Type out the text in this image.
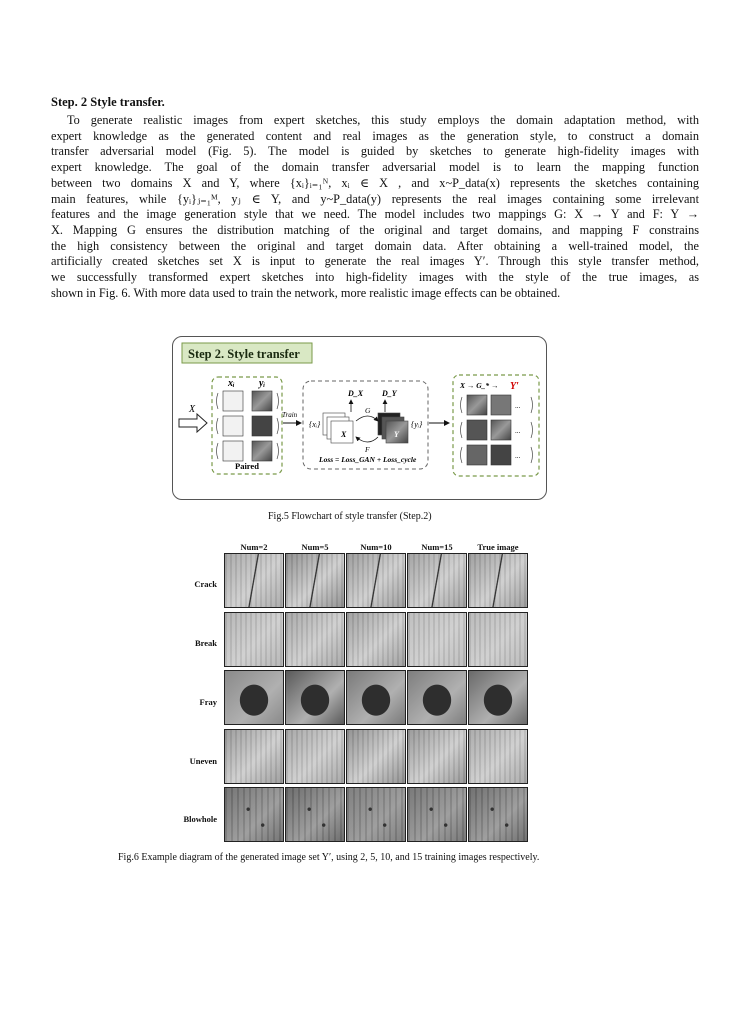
Step. 2 Style transfer.
To generate realistic images from expert sketches, this study employs the domain adaptation method, with
expert knowledge as the generated content and real images as the generation style, to construct a domain
transfer adversarial model (Fig. 5). The model is guided by sketches to generate high-fidelity images with
expert knowledge. The goal of the domain transfer adversarial model is to learn the mapping function
between two domains X and Y, where {xᵢ}ᵢ₌₁ᴺ, xᵢ ∈ X , and x~P_data(x) represents the sketches containing
main features, while {yᵢ}ⱼ₌₁ᴹ, yⱼ ∈ Y, and y~P_data(y) represents the real images containing some irrelevant
features and the image generation style that we need. The model includes two mappings G: X → Y and F: Y →
X. Mapping G ensures the distribution matching of the original and target domains, and mapping F constrains
the high consistency between the original and target domain data. After obtaining a well-trained model, the
artificially created sketches set X is input to generate the real images Y′. Through this style transfer method,
we successfully transformed expert sketches into high-fidelity images with the style of the true images, as
shown in Fig. 6. With more data used to train the network, more realistic image effects can be obtained.
Step 2. Style transfer
X
xᵢ yᵢ
Paired
Train
D_X D_Y
{xᵢ}	{yᵢ}
X	Y
G
F
Loss = Loss_GAN + Loss_cycle
X → G_* → Y′
...
...
...
Fig.5 Flowchart of style transfer (Step.2)
Num=2	Num=5	Num=10	Num=15	True image
Crack
Break
Fray
Uneven
Blowhole
Fig.6 Example diagram of the generated image set Y′, using 2, 5, 10, and 15 training images respectively.
